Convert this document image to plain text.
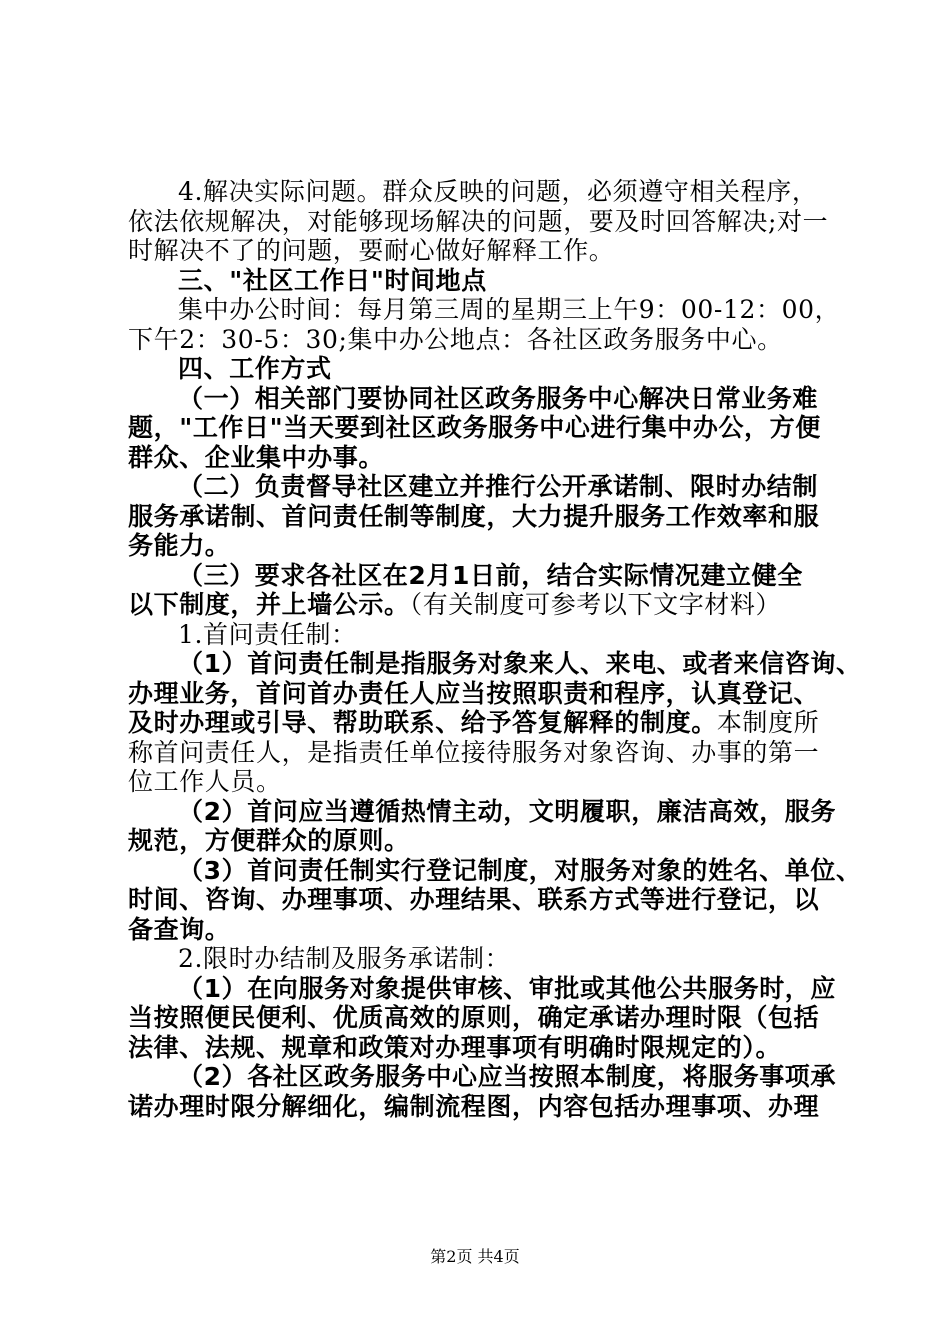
4.解决实际问题。群众反映的问题，必须遵守相关程序，
依法依规解决，对能够现场解决的问题，要及时回答解决;对一
时解决不了的问题，要耐心做好解释工作。
三、"社区工作日"时间地点
集中办公时间：每月第三周的星期三上午9：00-12：00，
下午2：30-5：30;集中办公地点：各社区政务服务中心。
四、工作方式
（一）相关部门要协同社区政务服务中心解决日常业务难
题，"工作日"当天要到社区政务服务中心进行集中办公，方便
群众、企业集中办事。
（二）负责督导社区建立并推行公开承诺制、限时办结制
服务承诺制、首问责任制等制度，大力提升服务工作效率和服
务能力。
（三）要求各社区在2月1日前，结合实际情况建立健全
以下制度，并上墙公示。（有关制度可参考以下文字材料）
1.首问责任制：
（1）首问责任制是指服务对象来人、来电、或者来信咨询、
办理业务，首问首办责任人应当按照职责和程序，认真登记、
及时办理或引导、帮助联系、给予答复解释的制度。本制度所
称首问责任人，是指责任单位接待服务对象咨询、办事的第一
位工作人员。
（2）首问应当遵循热情主动，文明履职，廉洁高效，服务
规范，方便群众的原则。
（3）首问责任制实行登记制度，对服务对象的姓名、单位、
时间、咨询、办理事项、办理结果、联系方式等进行登记，以
备查询。
2.限时办结制及服务承诺制：
（1）在向服务对象提供审核、审批或其他公共服务时，应
当按照便民便利、优质高效的原则，确定承诺办理时限（包括
法律、法规、规章和政策对办理事项有明确时限规定的）。
（2）各社区政务服务中心应当按照本制度，将服务事项承
诺办理时限分解细化，编制流程图，内容包括办理事项、办理
第2页 共4页
